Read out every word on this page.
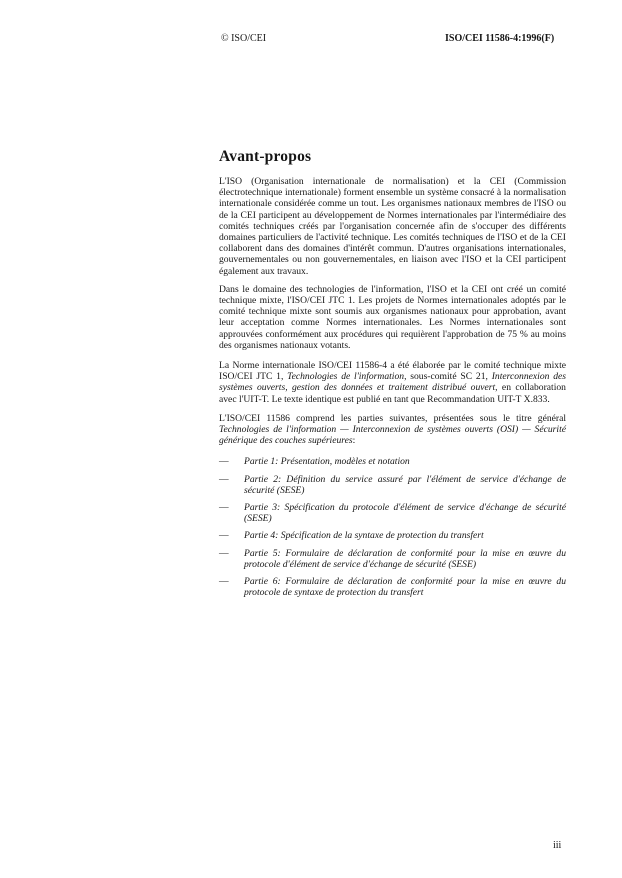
© ISO/CEI	ISO/CEI 11586-4:1996(F)
Avant-propos

L'ISO (Organisation internationale de normalisation) et la CEI (Commission électrotechnique internationale) forment ensemble un système consacré à la normalisation internationale considérée comme un tout. Les organismes nationaux membres de l'ISO ou de la CEI participent au développement de Normes internationales par l'intermédiaire des comités techniques créés par l'organisation concernée afin de s'occuper des différents domaines particuliers de l'activité technique. Les comités techniques de l'ISO et de la CEI collaborent dans des domaines d'intérêt commun. D'autres organisations internationales, gouvernementales ou non gouvernementales, en liaison avec l'ISO et la CEI participent également aux travaux.

Dans le domaine des technologies de l'information, l'ISO et la CEI ont créé un comité technique mixte, l'ISO/CEI JTC 1. Les projets de Normes internationales adoptés par le comité technique mixte sont soumis aux organismes nationaux pour approbation, avant leur acceptation comme Normes internationales. Les Normes internationales sont approuvées conformément aux procédures qui requièrent l'approbation de 75 % au moins des organismes nationaux votants.

La Norme internationale ISO/CEI 11586-4 a été élaborée par le comité technique mixte ISO/CEI JTC 1, Technologies de l'information, sous-comité SC 21, Interconnexion des systèmes ouverts, gestion des données et traitement distribué ouvert, en collaboration avec l'UIT-T. Le texte identique est publié en tant que Recommandation UIT-T X.833.

L'ISO/CEI 11586 comprend les parties suivantes, présentées sous le titre général Technologies de l'information — Interconnexion de systèmes ouverts (OSI) — Sécurité générique des couches supérieures:

—	Partie 1: Présentation, modèles et notation
—	Partie 2: Définition du service assuré par l'élément de service d'échange de sécurité (SESE)
—	Partie 3: Spécification du protocole d'élément de service d'échange de sécurité (SESE)
—	Partie 4: Spécification de la syntaxe de protection du transfert
—	Partie 5: Formulaire de déclaration de conformité pour la mise en œuvre du protocole d'élément de service d'échange de sécurité (SESE)
—	Partie 6: Formulaire de déclaration de conformité pour la mise en œuvre du protocole de syntaxe de protection du transfert
iii
